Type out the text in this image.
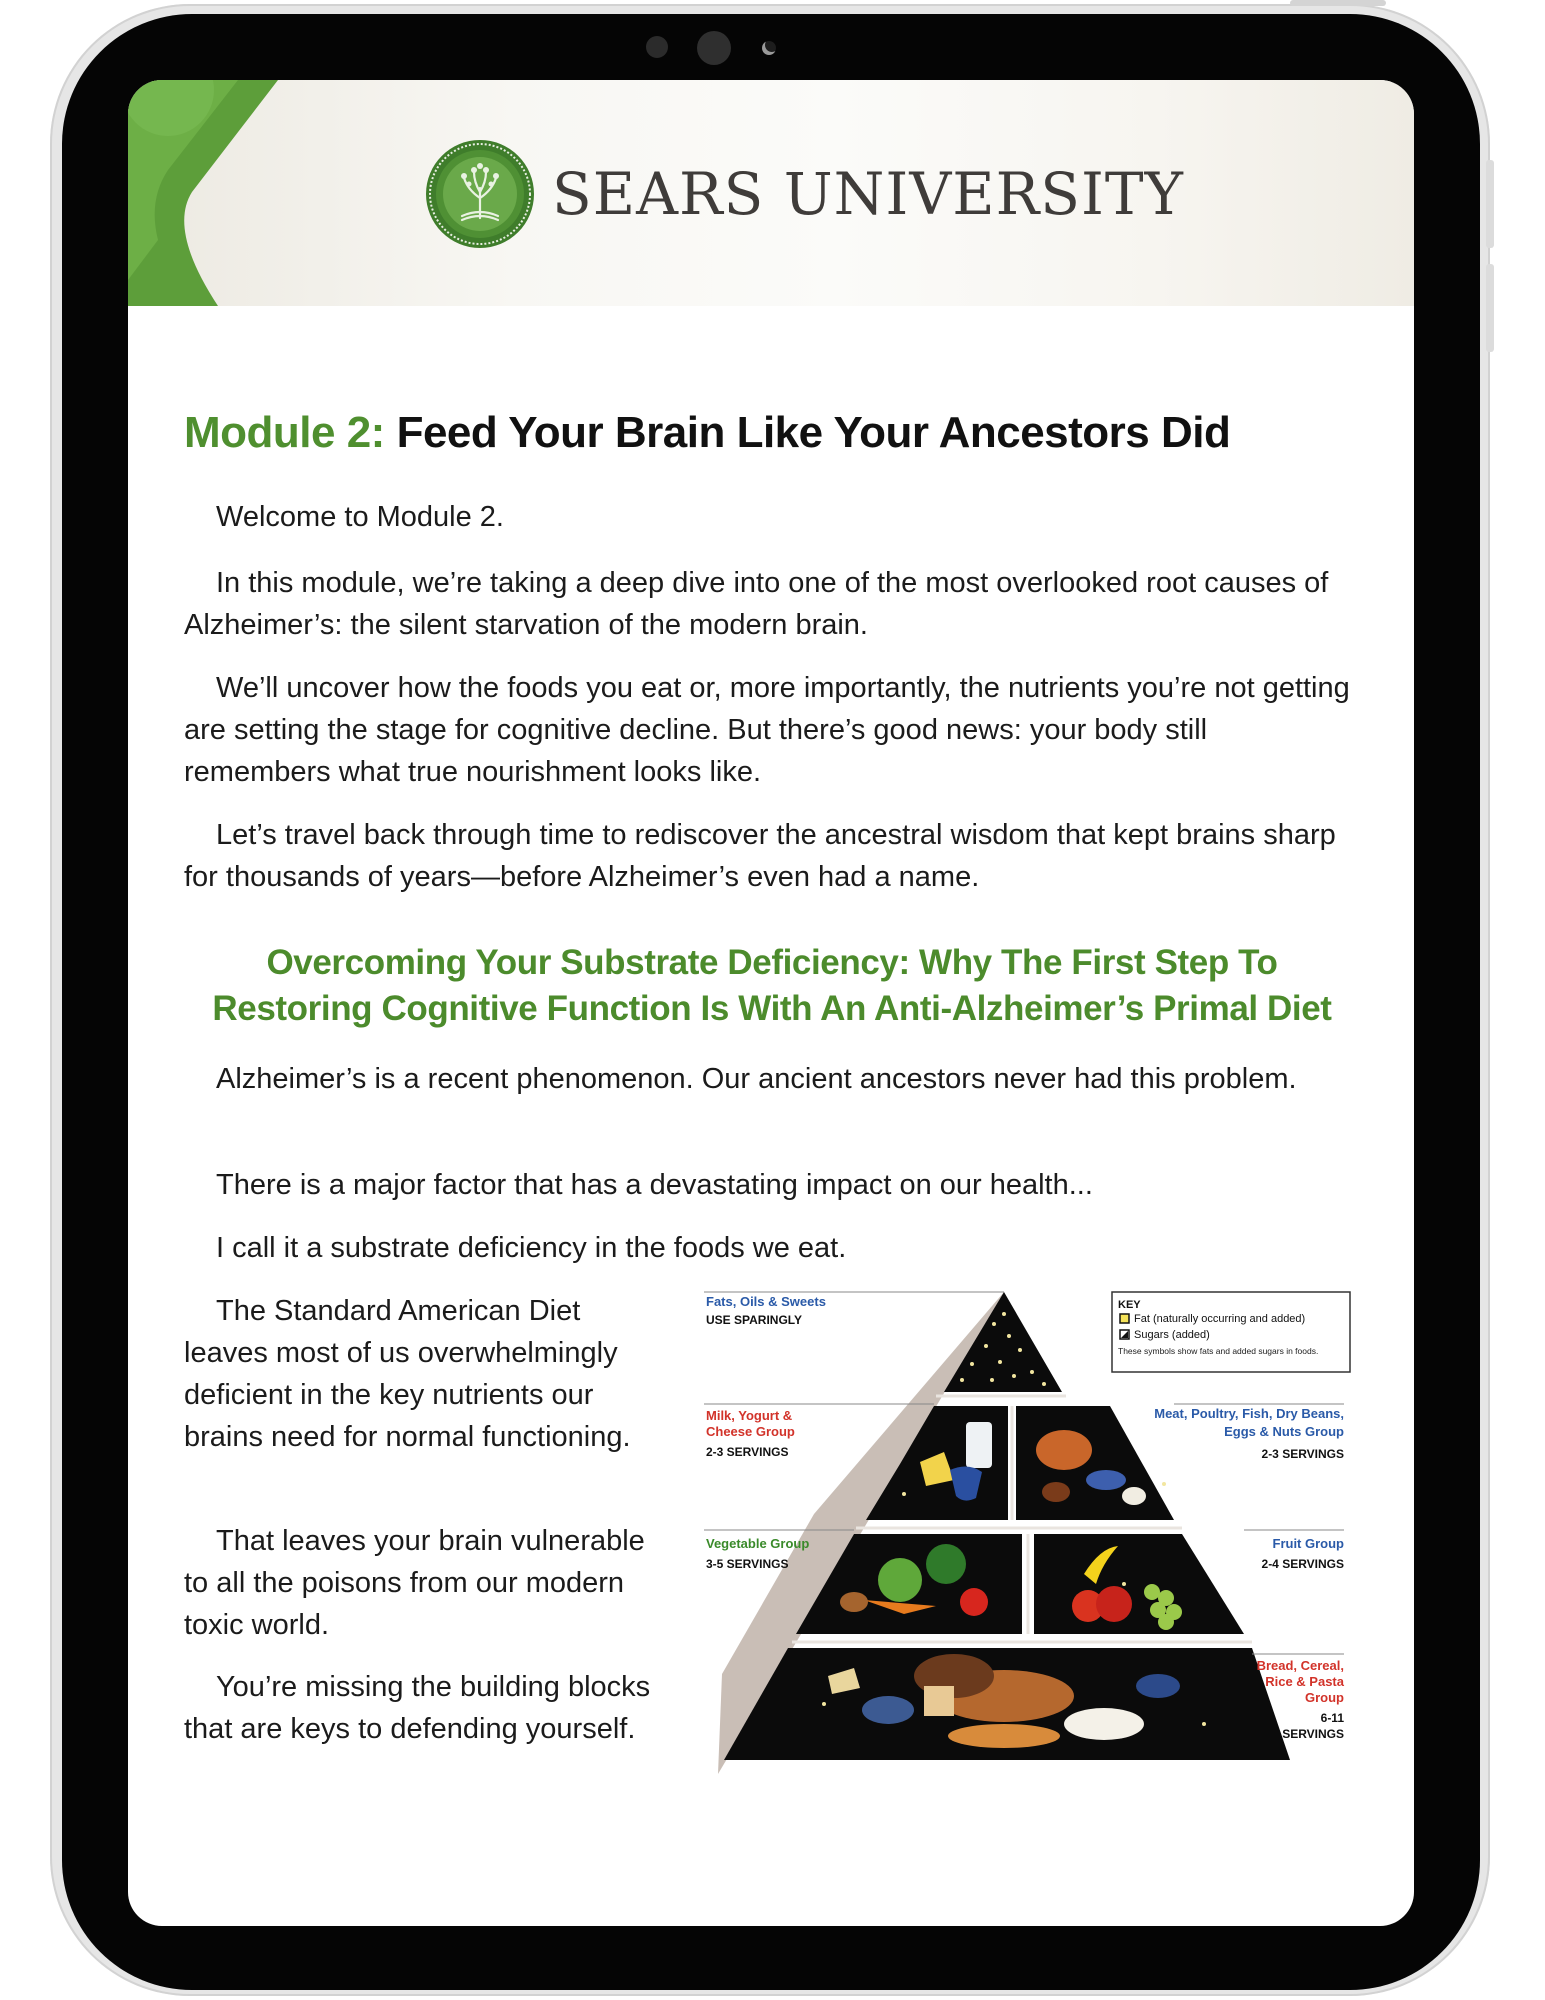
SEARS UNIVERSITY
Module 2: Feed Your Brain Like Your Ancestors Did

Welcome to Module 2.

In this module, we’re taking a deep dive into one of the most overlooked root causes of Alzheimer’s: the silent starvation of the modern brain.

We’ll uncover how the foods you eat or, more importantly, the nutrients you’re not getting are setting the stage for cognitive decline. But there’s good news: your body still remembers what true nourishment looks like.

Let’s travel back through time to rediscover the ancestral wisdom that kept brains sharp for thousands of years—before Alzheimer’s even had a name.

Overcoming Your Substrate Deficiency: Why The First Step To Restoring Cognitive Function Is With An Anti-Alzheimer’s Primal Diet

Alzheimer’s is a recent phenomenon. Our ancient ancestors never had this problem.

There is a major factor that has a devastating impact on our health...

I call it a substrate deficiency in the foods we eat.

The Standard American Diet leaves most of us overwhelmingly deficient in the key nutrients our brains need for normal functioning.

That leaves your brain vulnerable to all the poisons from our modern toxic world.

You’re missing the building blocks that are keys to defending yourself.

KEY
Fat (naturally occurring and added)
Sugars (added)
These symbols show fats and added sugars in foods.
Fats, Oils & Sweets
USE SPARINGLY
Milk, Yogurt &
Cheese Group
2-3 SERVINGS
Meat, Poultry, Fish, Dry Beans,
Eggs & Nuts Group
2-3 SERVINGS
Vegetable Group
3-5 SERVINGS
Fruit Group
2-4 SERVINGS
Bread, Cereal,
Rice & Pasta
Group
6-11
SERVINGS
